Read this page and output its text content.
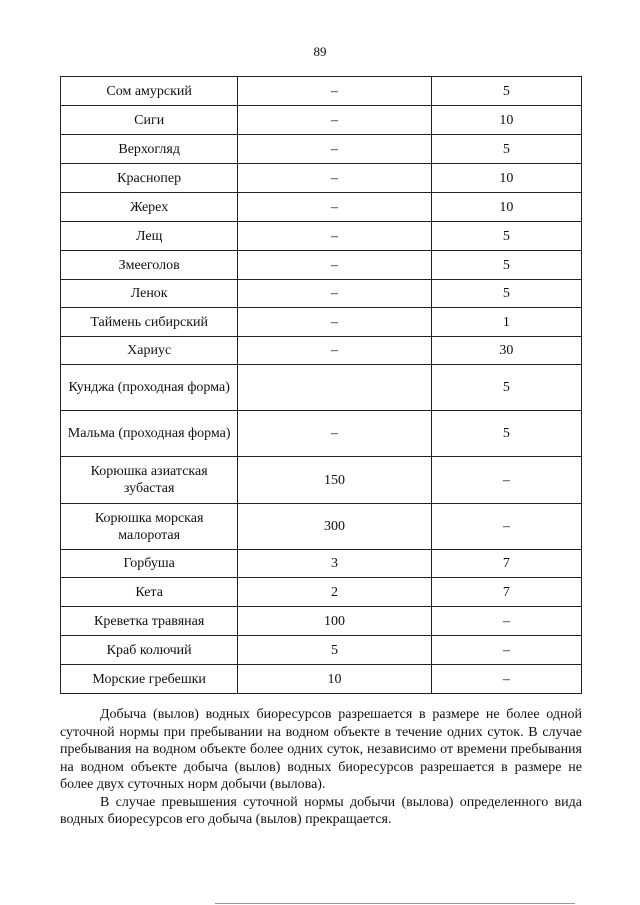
89
Сом амурский	–	5
Сиги	–	10
Верхогляд	–	5
Краснопер	–	10
Жерех	–	10
Лещ	–	5
Змееголов	–	5
Ленок	–	5
Таймень сибирский	–	1
Хариус	–	30
Кунджа (проходная форма)		5
Мальма (проходная форма)	–	5
Корюшка азиатская зубастая	150	–
Корюшка морская малоротая	300	–
Горбуша	3	7
Кета	2	7
Креветка травяная	100	–
Краб колючий	5	–
Морские гребешки	10	–

Добыча (вылов) водных биоресурсов разрешается в размере не более одной суточной нормы при пребывании на водном объекте в течение одних суток. В случае пребывания на водном объекте более одних суток, независимо от времени пребывания на водном объекте добыча (вылов) водных биоресурсов разрешается в размере не более двух суточных норм добычи (вылова).

В случае превышения суточной нормы добычи (вылова) определенного вида водных биоресурсов его добыча (вылов) прекращается.
